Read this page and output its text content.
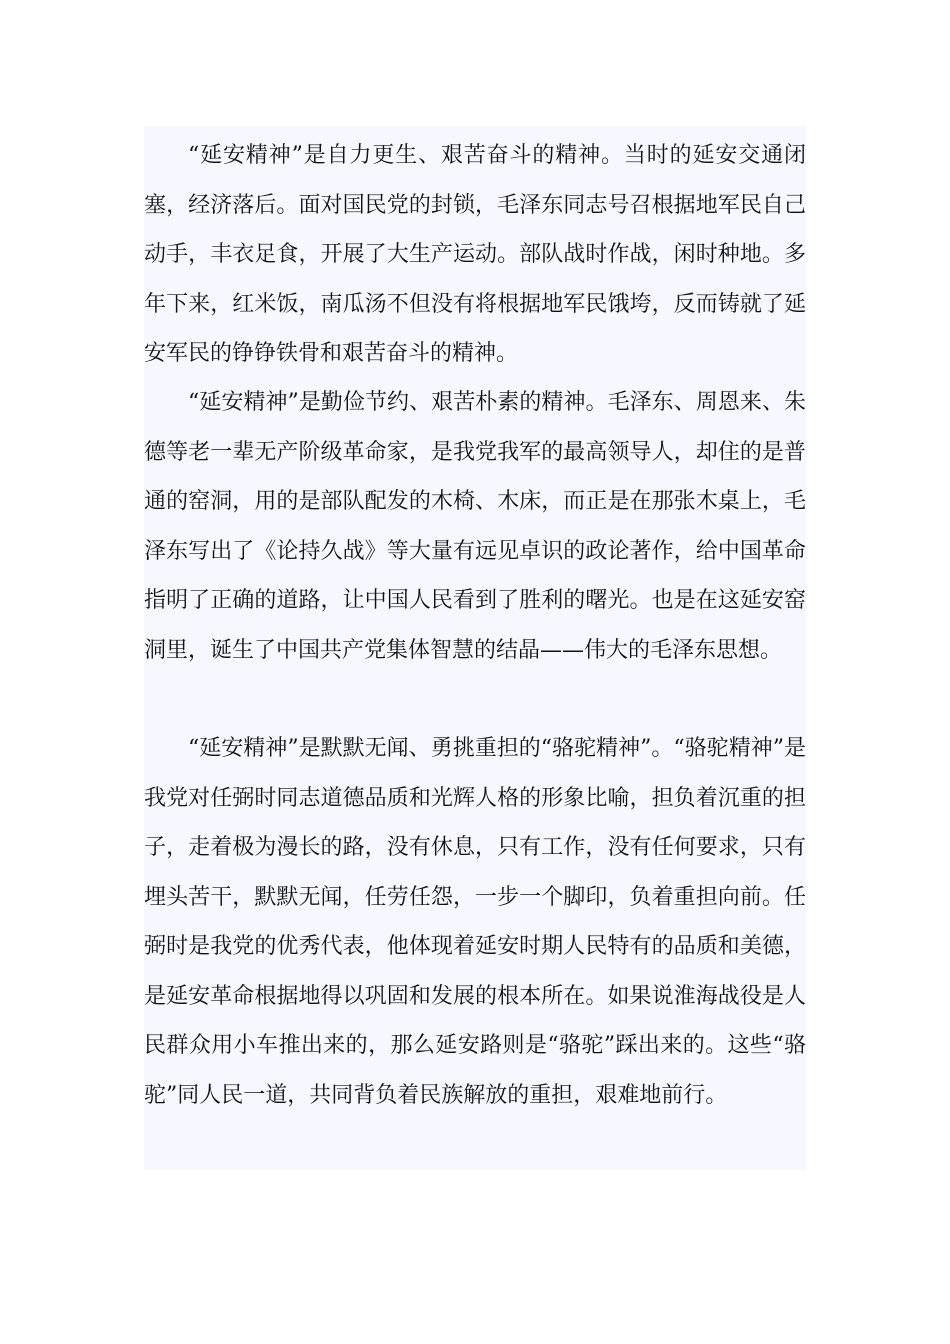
“延安精神”是自力更生、艰苦奋斗的精神。当时的延安交通闭塞，经济落后。面对国民党的封锁，毛泽东同志号召根据地军民自己动手，丰衣足食，开展了大生产运动。部队战时作战，闲时种地。多年下来，红米饭，南瓜汤不但没有将根据地军民饿垮，反而铸就了延安军民的铮铮铁骨和艰苦奋斗的精神。

“延安精神”是勤俭节约、艰苦朴素的精神。毛泽东、周恩来、朱德等老一辈无产阶级革命家，是我党我军的最高领导人，却住的是普通的窑洞，用的是部队配发的木椅、木床，而正是在那张木桌上，毛泽东写出了《论持久战》等大量有远见卓识的政论著作，给中国革命指明了正确的道路，让中国人民看到了胜利的曙光。也是在这延安窑洞里，诞生了中国共产党集体智慧的结晶——伟大的毛泽东思想。

“延安精神”是默默无闻、勇挑重担的“骆驼精神”。“骆驼精神”是我党对任弼时同志道德品质和光辉人格的形象比喻，担负着沉重的担子，走着极为漫长的路，没有休息，只有工作，没有任何要求，只有埋头苦干，默默无闻，任劳任怨，一步一个脚印，负着重担向前。任弼时是我党的优秀代表，他体现着延安时期人民特有的品质和美德，是延安革命根据地得以巩固和发展的根本所在。如果说淮海战役是人民群众用小车推出来的，那么延安路则是“骆驼”踩出来的。这些“骆驼”同人民一道，共同背负着民族解放的重担，艰难地前行。
